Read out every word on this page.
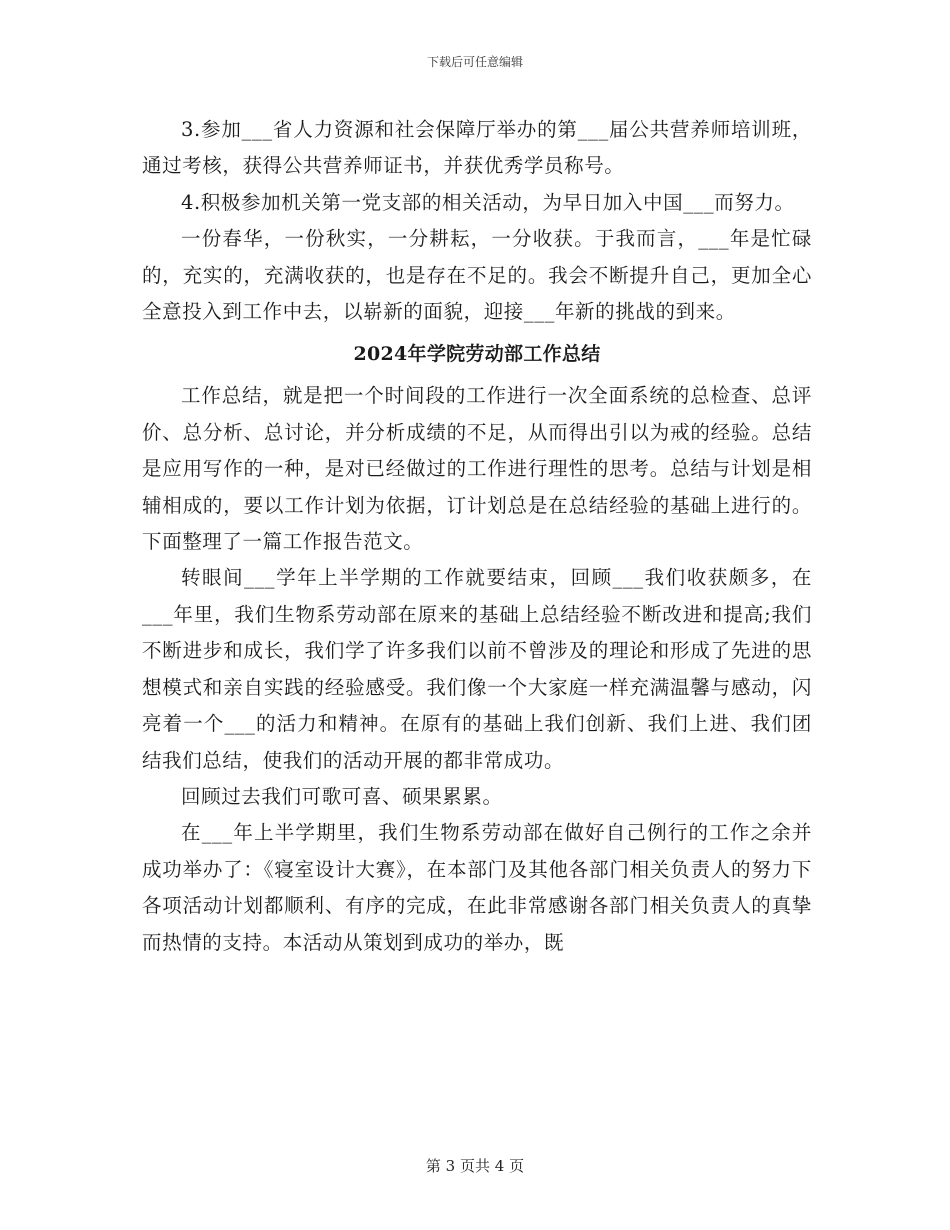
下载后可任意编辑

3.参加___省人力资源和社会保障厅举办的第___届公共营养师培训班，通过考核，获得公共营养师证书，并获优秀学员称号。

4.积极参加机关第一党支部的相关活动，为早日加入中国___而努力。

一份春华，一份秋实，一分耕耘，一分收获。于我而言，___年是忙碌的，充实的，充满收获的，也是存在不足的。我会不断提升自己，更加全心全意投入到工作中去，以崭新的面貌，迎接___年新的挑战的到来。

2024年学院劳动部工作总结

工作总结，就是把一个时间段的工作进行一次全面系统的总检查、总评价、总分析、总讨论，并分析成绩的不足，从而得出引以为戒的经验。总结是应用写作的一种，是对已经做过的工作进行理性的思考。总结与计划是相辅相成的，要以工作计划为依据，订计划总是在总结经验的基础上进行的。下面整理了一篇工作报告范文。

转眼间___学年上半学期的工作就要结束，回顾___我们收获颇多，在___年里，我们生物系劳动部在原来的基础上总结经验不断改进和提高;我们不断进步和成长，我们学了许多我们以前不曾涉及的理论和形成了先进的思想模式和亲自实践的经验感受。我们像一个大家庭一样充满温馨与感动，闪亮着一个___的活力和精神。在原有的基础上我们创新、我们上进、我们团结我们总结，使我们的活动开展的都非常成功。

回顾过去我们可歌可喜、硕果累累。

在___年上半学期里，我们生物系劳动部在做好自己例行的工作之余并成功举办了：《寝室设计大赛》，在本部门及其他各部门相关负责人的努力下各项活动计划都顺利、有序的完成，在此非常感谢各部门相关负责人的真挚而热情的支持。本活动从策划到成功的举办，既

第 3 页共 4 页
